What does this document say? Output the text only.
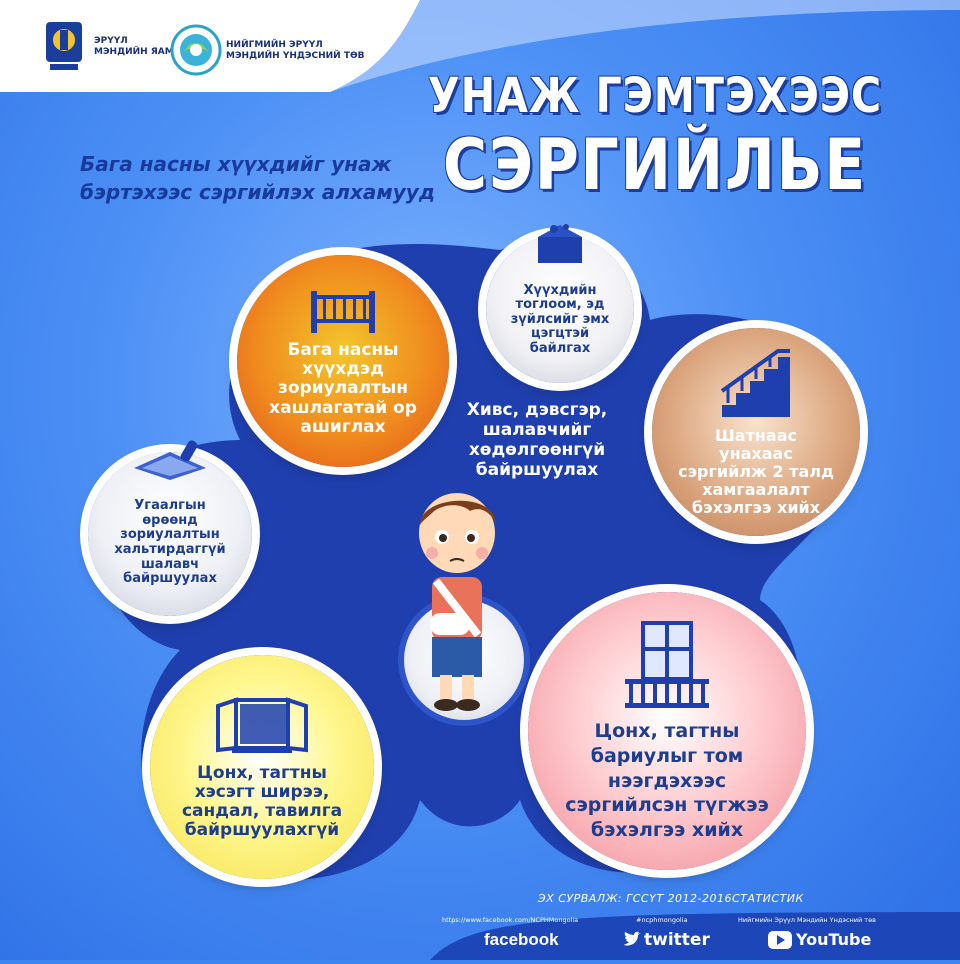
ЭРҮҮЛ
МЭНДИЙН ЯАМ
НИЙГМИЙН ЭРҮҮЛ МЭНДИЙН ҮНДЭСНИЙ ТӨВ
УНАЖ ГЭМТЭХЭЭС
СЭРГИЙЛЬЕ
Бага насны хүүхдийг унаж бэртэхээс сэргийлэх алхамууд
Бага насны хүүхдэд зориулалтын хашлагатай ор ашиглах
Хүүхдийн тоглоом, эд зүйлсийг эмх цэгцтэй байлгах
Шатнаас унахаас сэргийлж 2 талд хамгаалалт бэхэлгээ хийх
Угаалгын өрөөнд зориулалтын хальтирдаггүй шалавч байршуулах
Цонх, тагтны хэсэгт ширээ, сандал, тавилга байршуулахгүй
Цонх, тагтны бариулыг том нээгдэхээс сэргийлсэн түгжээ бэхэлгээ хийх
Хивс, дэвсгэр, шалавчийг хөдөлгөөнгүй байршуулах
ЭХ СУРВАЛЖ: ГССҮТ 2012-2016СТАТИСТИК
https://www.facebook.com/NCPHMongolia	#ncphmongolia	Нийгмийн Эрүүл Мэндийн Үндэсний төв
facebook	twitter	YouTube
